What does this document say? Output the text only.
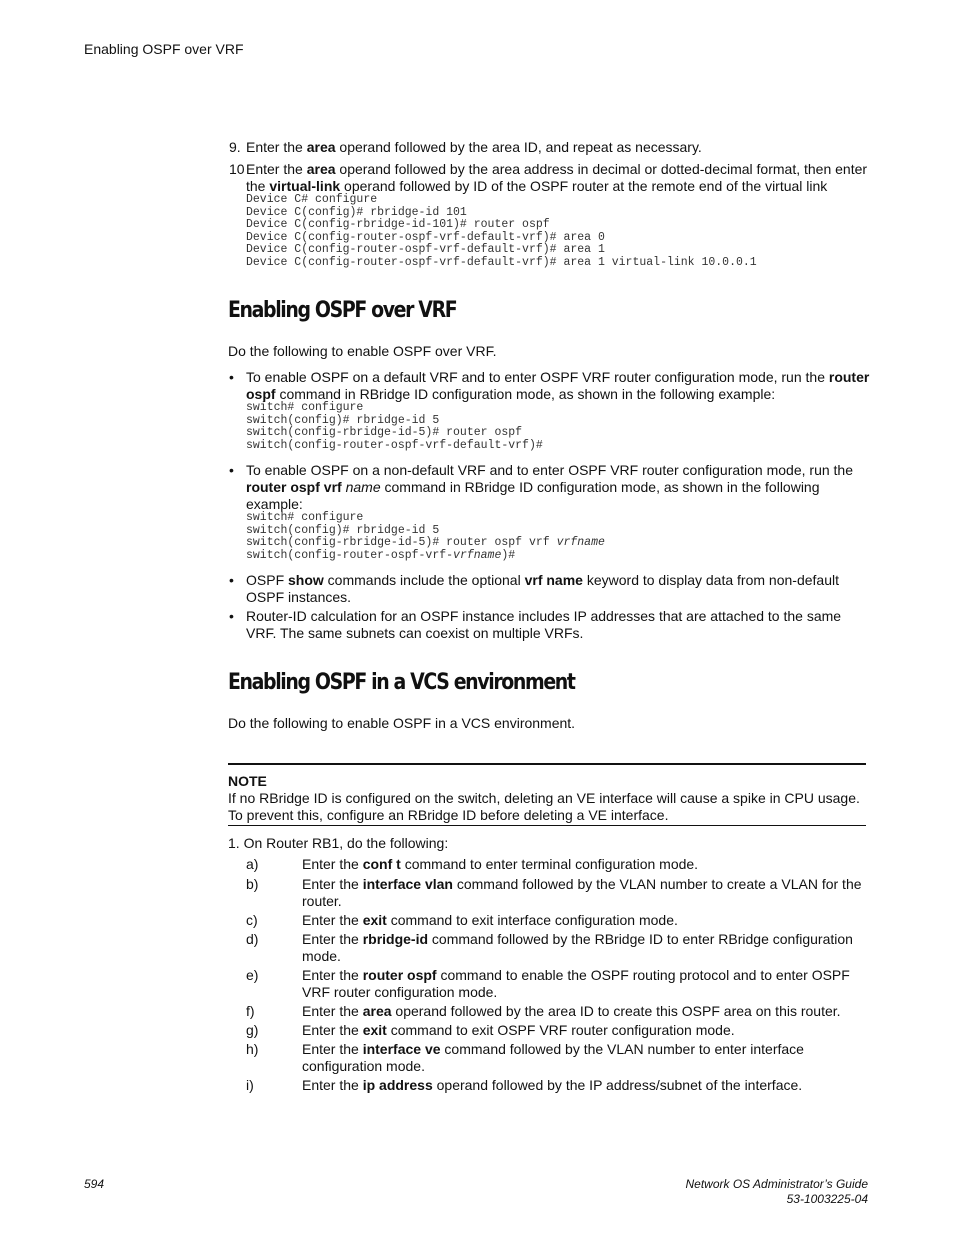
Enabling OSPF over VRF
9. Enter the area operand followed by the area ID, and repeat as necessary.
10 Enter the area operand followed by the area address in decimal or dotted-decimal format, then enter the virtual-link operand followed by ID of the OSPF router at the remote end of the virtual link
Device C# configure
Device C(config)# rbridge-id 101
Device C(config-rbridge-id-101)# router ospf
Device C(config-router-ospf-vrf-default-vrf)# area 0
Device C(config-router-ospf-vrf-default-vrf)# area 1
Device C(config-router-ospf-vrf-default-vrf)# area 1 virtual-link 10.0.0.1
Enabling OSPF over VRF
Do the following to enable OSPF over VRF.
• To enable OSPF on a default VRF and to enter OSPF VRF router configuration mode, run the router ospf command in RBridge ID configuration mode, as shown in the following example:
switch# configure
switch(config)# rbridge-id 5
switch(config-rbridge-id-5)# router ospf
switch(config-router-ospf-vrf-default-vrf)#
• To enable OSPF on a non-default VRF and to enter OSPF VRF router configuration mode, run the router ospf vrf name command in RBridge ID configuration mode, as shown in the following example:
switch# configure
switch(config)# rbridge-id 5
switch(config-rbridge-id-5)# router ospf vrf vrfname
switch(config-router-ospf-vrf-vrfname)#
• OSPF show commands include the optional vrf name keyword to display data from non-default OSPF instances.
• Router-ID calculation for an OSPF instance includes IP addresses that are attached to the same VRF. The same subnets can coexist on multiple VRFs.
Enabling OSPF in a VCS environment
Do the following to enable OSPF in a VCS environment.
NOTE
If no RBridge ID is configured on the switch, deleting an VE interface will cause a spike in CPU usage. To prevent this, configure an RBridge ID before deleting a VE interface.
1. On Router RB1, do the following:
a)	Enter the conf t command to enter terminal configuration mode.
b)	Enter the interface vlan command followed by the VLAN number to create a VLAN for the router.
c)	Enter the exit command to exit interface configuration mode.
d)	Enter the rbridge-id command followed by the RBridge ID to enter RBridge configuration mode.
e)	Enter the router ospf command to enable the OSPF routing protocol and to enter OSPF VRF router configuration mode.
f)	Enter the area operand followed by the area ID to create this OSPF area on this router.
g)	Enter the exit command to exit OSPF VRF router configuration mode.
h)	Enter the interface ve command followed by the VLAN number to enter interface configuration mode.
i)	Enter the ip address operand followed by the IP address/subnet of the interface.
594	Network OS Administrator’s Guide
53-1003225-04
